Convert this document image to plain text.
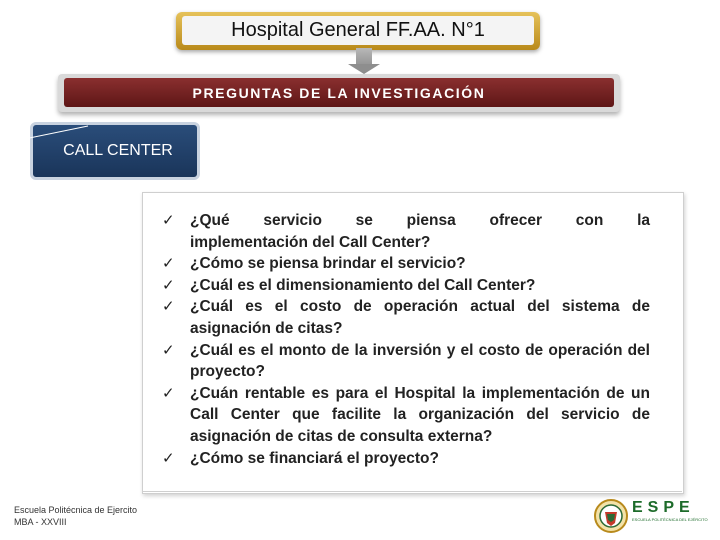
Hospital General FF.AA. N°1
PREGUNTAS DE LA INVESTIGACIÓN
CALL CENTER
✓ ¿Qué servicio se piensa ofrecer con la
implementación del Call Center?
✓ ¿Cómo se piensa brindar el servicio?
✓ ¿Cuál es el dimensionamiento del Call Center?
✓ ¿Cuál es el costo de operación actual del sistema de asignación de citas?
✓ ¿Cuál es el monto de la inversión y el costo de operación del proyecto?
✓ ¿Cuán rentable es para el Hospital la implementación de un Call Center que facilite la organización del servicio de asignación de citas de consulta externa?
✓ ¿Cómo se financiará el proyecto?
Escuela Politécnica de Ejercito
MBA - XXVIII
ESPE
ESCUELA POLITÉCNICA DEL EJÉRCITO
